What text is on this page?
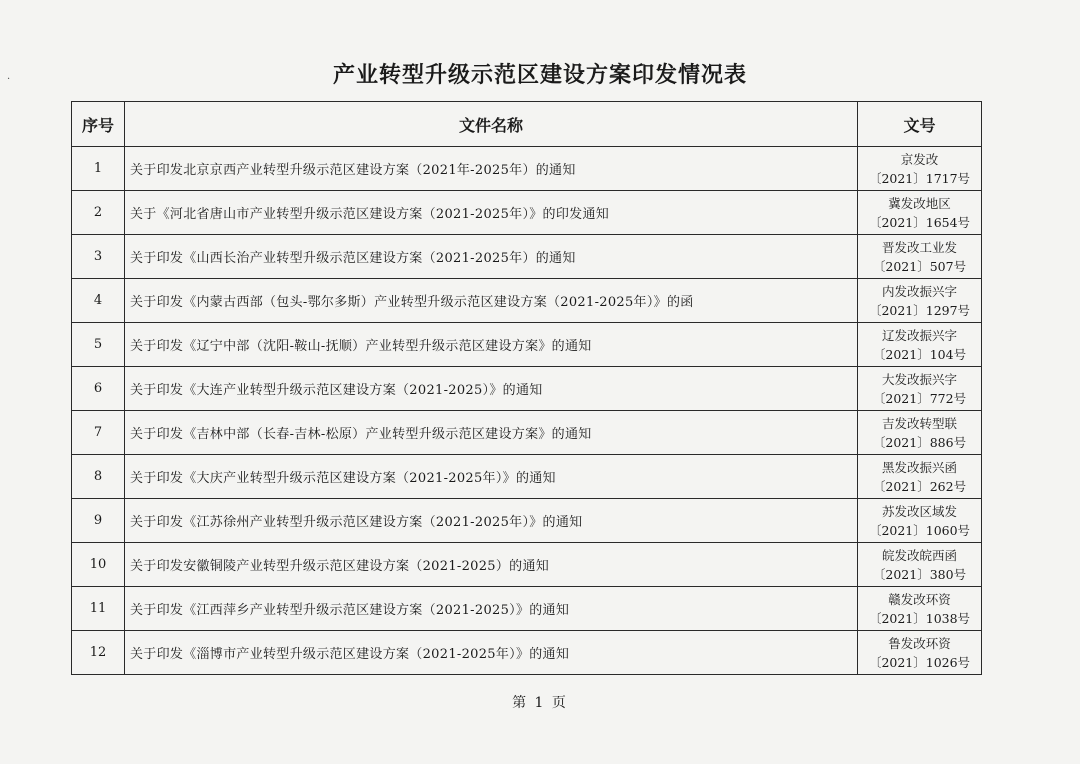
·	产业转型升级示范区建设方案印发情况表
序号	文件名称	文号
1	关于印发北京京西产业转型升级示范区建设方案（2021年-2025年）的通知	京发改
〔2021〕1717号

2	关于《河北省唐山市产业转型升级示范区建设方案（2021-2025年）》的印发通知	冀发改地区
〔2021〕1654号

3	关于印发《山西长治产业转型升级示范区建设方案（2021-2025年）的通知	晋发改工业发
〔2021〕507号

4	关于印发《内蒙古西部（包头-鄂尔多斯）产业转型升级示范区建设方案（2021-2025年）》的函	内发改振兴字
〔2021〕1297号

5	关于印发《辽宁中部（沈阳-鞍山-抚顺）产业转型升级示范区建设方案》的通知	辽发改振兴字
〔2021〕104号

6	关于印发《大连产业转型升级示范区建设方案（2021-2025）》的通知	大发改振兴字
〔2021〕772号

7	关于印发《吉林中部（长春-吉林-松原）产业转型升级示范区建设方案》的通知	吉发改转型联
〔2021〕886号

8	关于印发《大庆产业转型升级示范区建设方案（2021-2025年）》的通知	黑发改振兴函
〔2021〕262号

9	关于印发《江苏徐州产业转型升级示范区建设方案（2021-2025年）》的通知	苏发改区域发
〔2021〕1060号

10	关于印发安徽铜陵产业转型升级示范区建设方案（2021-2025）的通知	皖发改皖西函
〔2021〕380号

11	关于印发《江西萍乡产业转型升级示范区建设方案（2021-2025）》的通知	赣发改环资
〔2021〕1038号

12	关于印发《淄博市产业转型升级示范区建设方案（2021-2025年）》的通知	鲁发改环资
〔2021〕1026号
第 1 页
